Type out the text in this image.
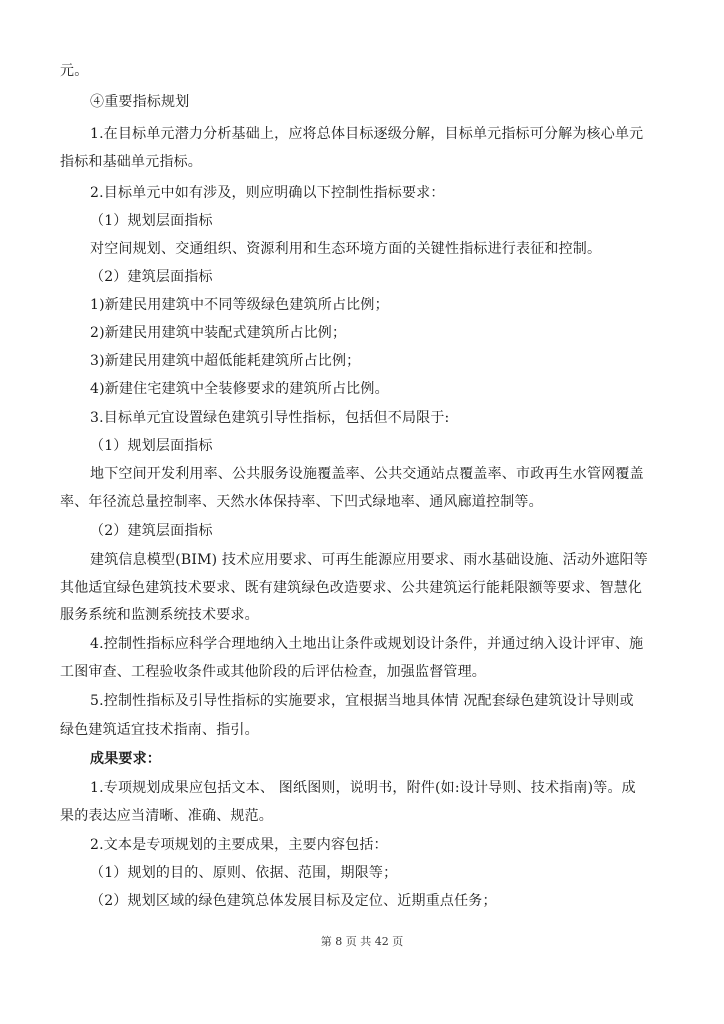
元。
④重要指标规划
1.在目标单元潜力分析基础上，应将总体目标逐级分解，目标单元指标可分解为核心单元
指标和基础单元指标。
2.目标单元中如有涉及，则应明确以下控制性指标要求：
（1）规划层面指标
对空间规划、交通组织、资源利用和生态环境方面的关键性指标进行表征和控制。
（2）建筑层面指标
1)新建民用建筑中不同等级绿色建筑所占比例；
2)新建民用建筑中装配式建筑所占比例；
3)新建民用建筑中超低能耗建筑所占比例；
4)新建住宅建筑中全装修要求的建筑所占比例。
3.目标单元宜设置绿色建筑引导性指标，包括但不局限于:
（1）规划层面指标
地下空间开发利用率、公共服务设施覆盖率、公共交通站点覆盖率、市政再生水管网覆盖
率、年径流总量控制率、天然水体保持率、下凹式绿地率、通风廊道控制等。
（2）建筑层面指标
建筑信息模型(BIM) 技术应用要求、可再生能源应用要求、雨水基础设施、活动外遮阳等
其他适宜绿色建筑技术要求、既有建筑绿色改造要求、公共建筑运行能耗限额等要求、智慧化
服务系统和监测系统技术要求。
4.控制性指标应科学合理地纳入土地出让条件或规划设计条件，并通过纳入设计评审、施
工图审查、工程验收条件或其他阶段的后评估检查，加强监督管理。
5.控制性指标及引导性指标的实施要求，宜根据当地具体情 况配套绿色建筑设计导则或
绿色建筑适宜技术指南、指引。
成果要求：
1.专项规划成果应包括文本、 图纸图则，说明书，附件(如:设计导则、技术指南)等。成
果的表达应当清晰、准确、规范。
2.文本是专项规划的主要成果，主要内容包括：
（1）规划的目的、原则、依据、范围，期限等；
（2）规划区域的绿色建筑总体发展目标及定位、近期重点任务；
第 8 页 共 42 页
